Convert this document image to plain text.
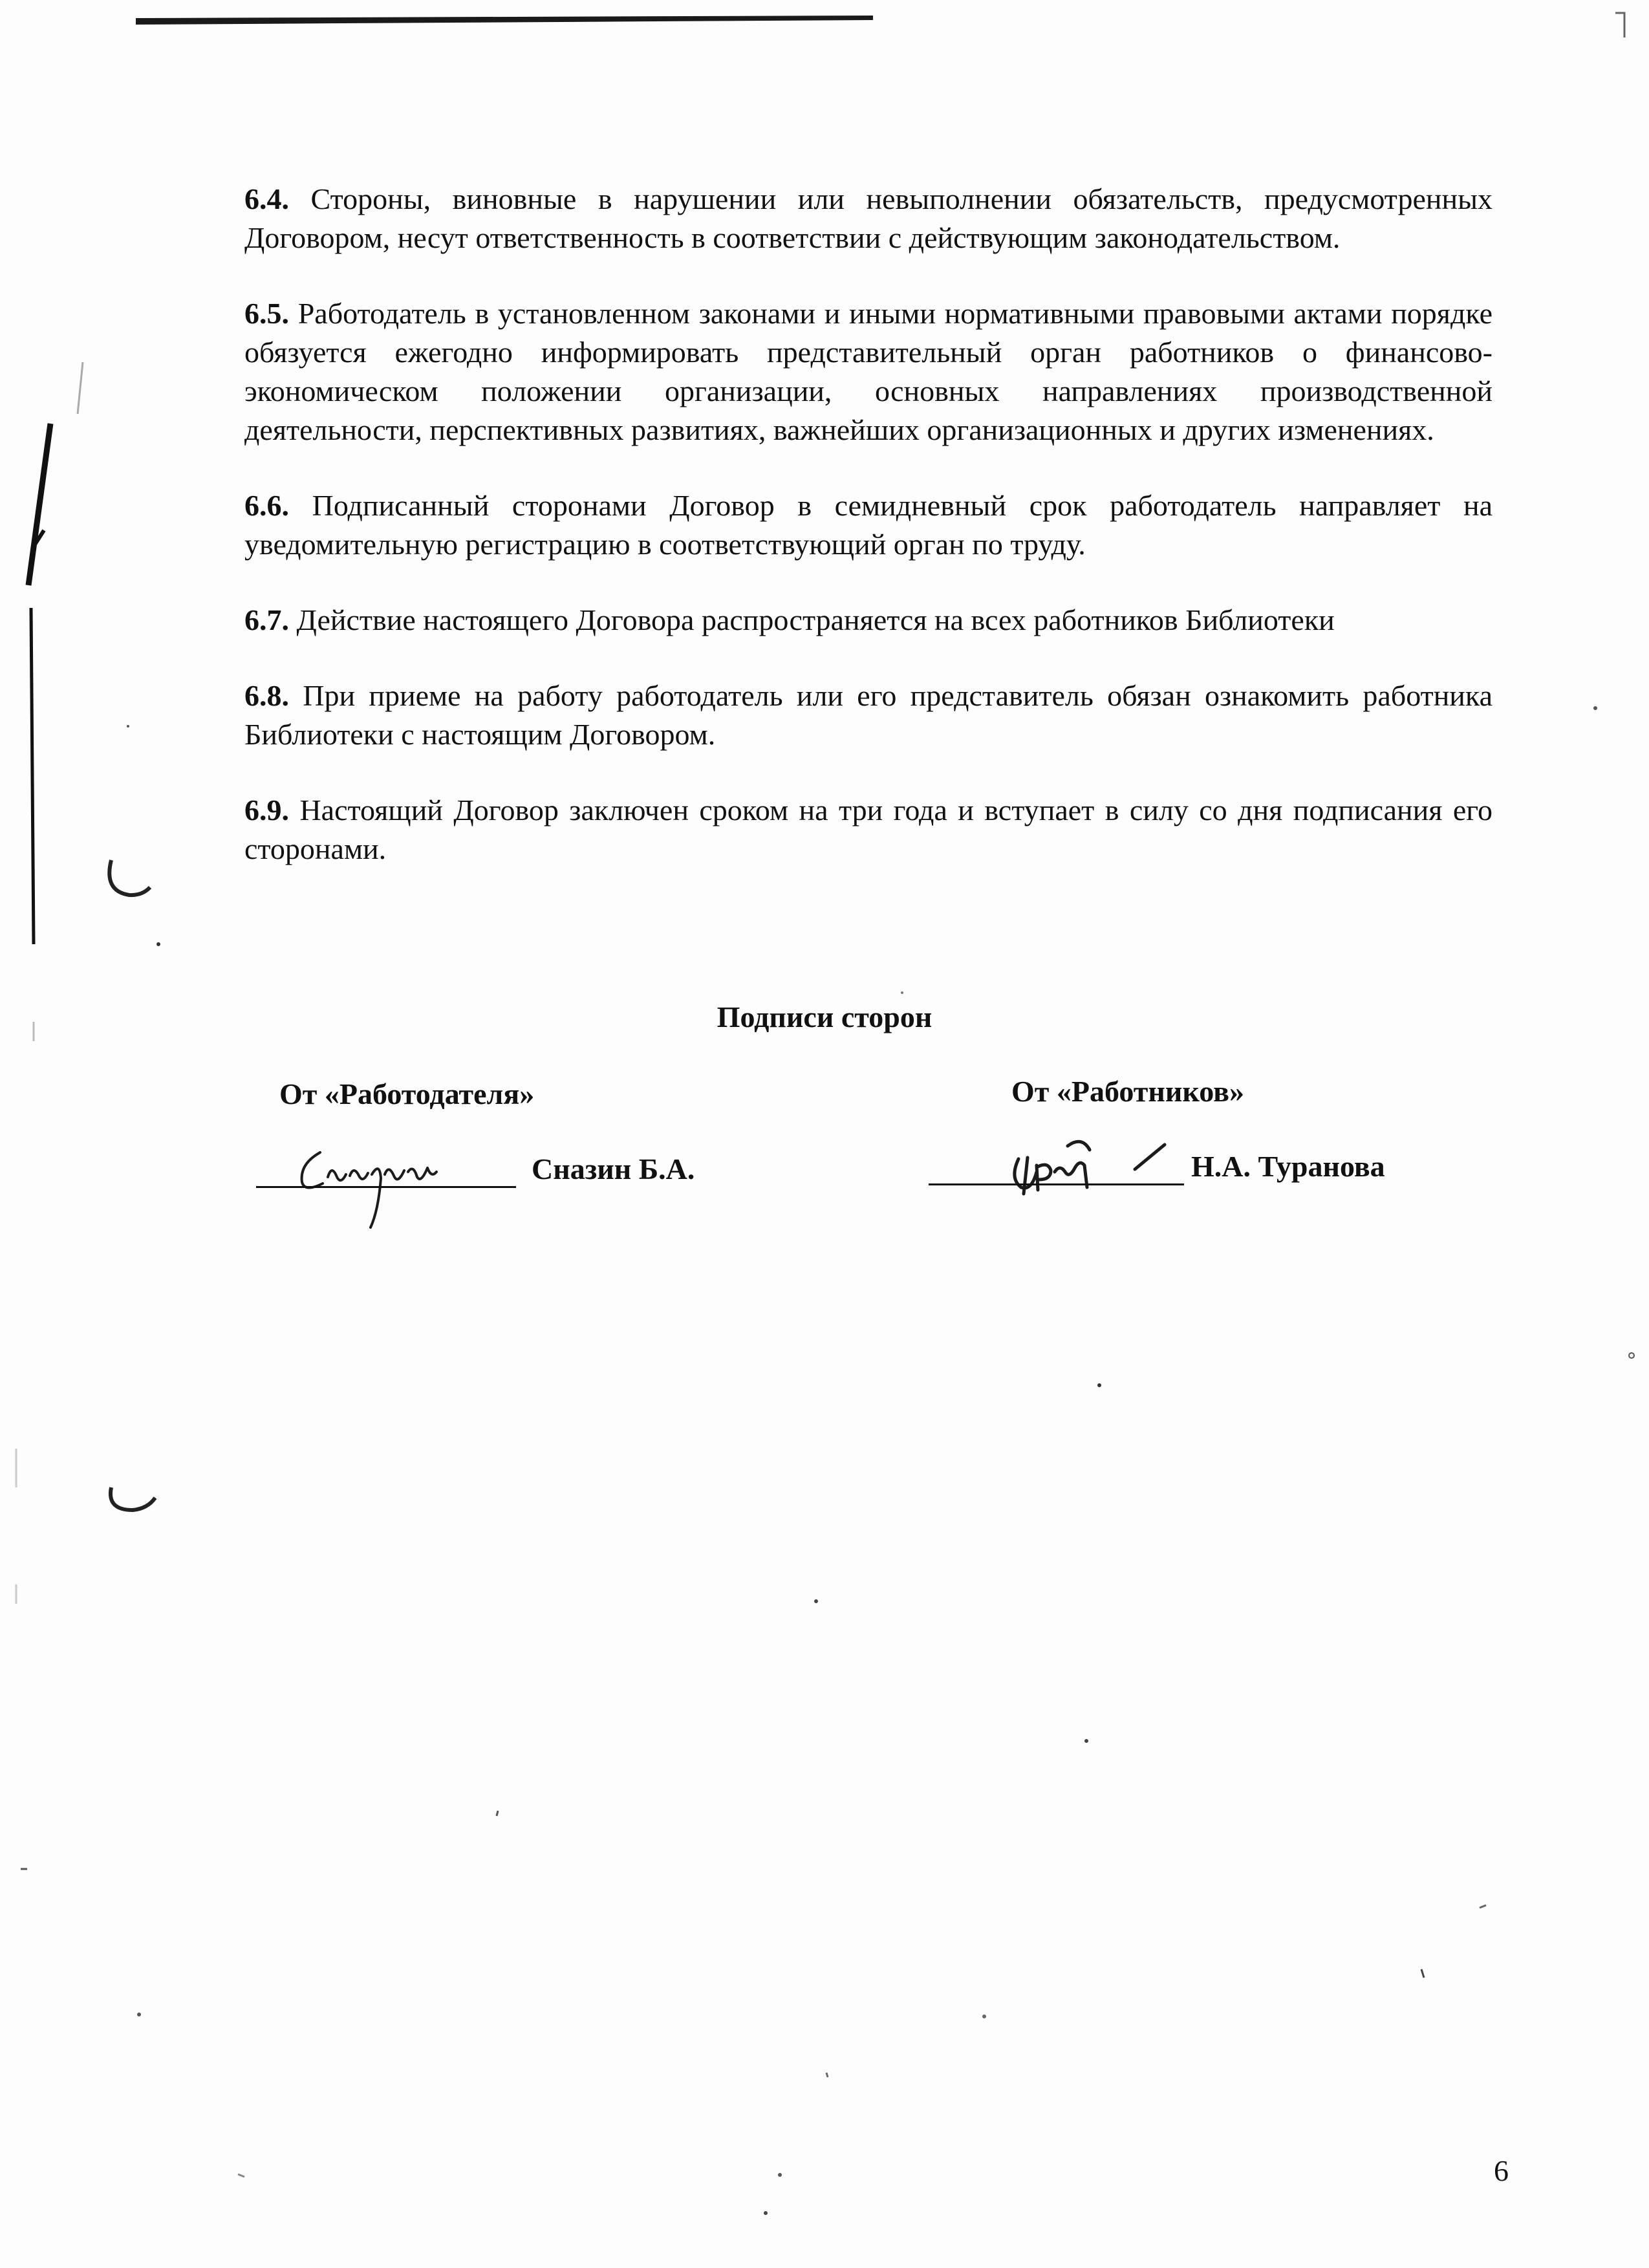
6.4. Стороны, виновные в нарушении или невыполнении обязательств, предусмотренных Договором, несут ответственность в соответствии с действующим законодательством.

6.5. Работодатель в установленном законами и иными нормативными правовыми актами порядке обязуется ежегодно информировать представительный орган работников о финансово-экономическом положении организации, основных направлениях производственной деятельности, перспективных развитиях, важнейших организационных и других изменениях.

6.6. Подписанный сторонами Договор в семидневный срок работодатель направляет на уведомительную регистрацию в соответствующий орган по труду.

6.7. Действие настоящего Договора распространяется на всех работников Библиотеки

6.8. При приеме на работу работодатель или его представитель обязан ознакомить работника Библиотеки с настоящим Договором.

6.9. Настоящий Договор заключен сроком на три года и вступает в силу со дня подписания его сторонами.

Подписи сторон
От «Работодателя»	От «Работников»
Сназин Б.А.	Н.А. Туранова
6
